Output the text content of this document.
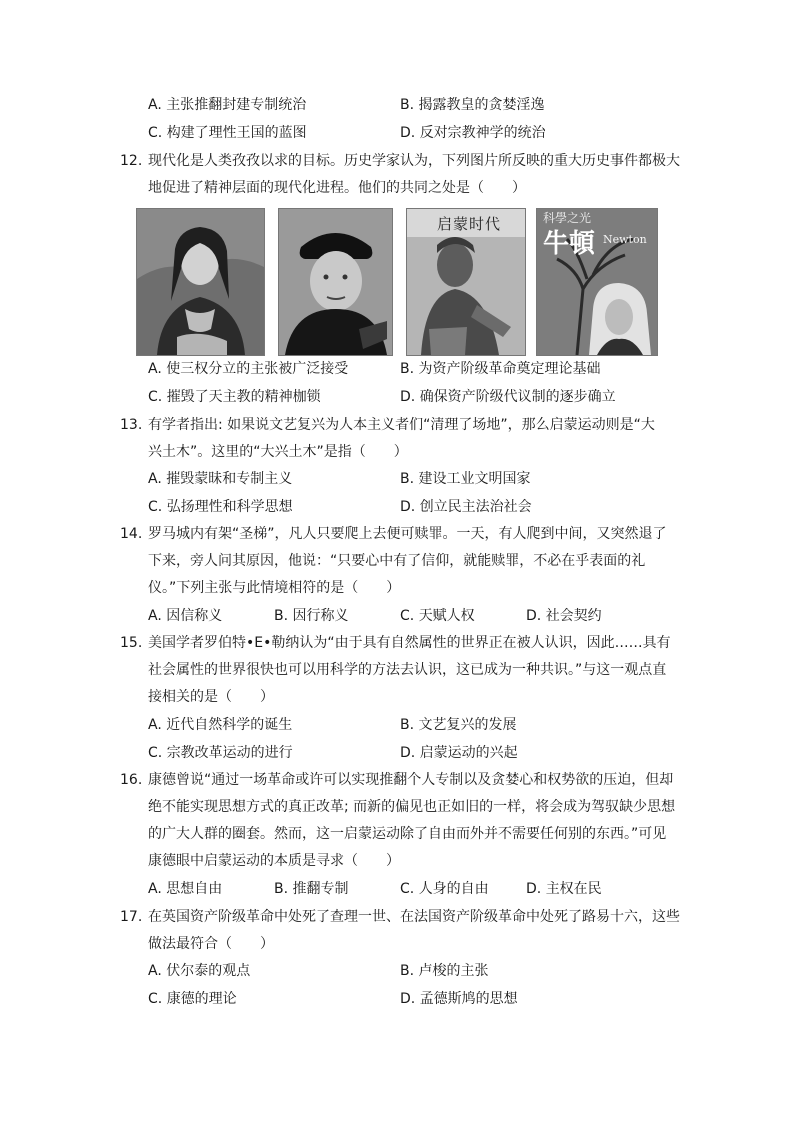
A. 主张推翻封建专制统治	B. 揭露教皇的贪婪淫逸
C. 构建了理性王国的蓝图	D. 反对宗教神学的统治
12. 现代化是人类孜孜以求的目标。历史学家认为，下列图片所反映的重大历史事件都极大
地促进了精神层面的现代化进程。他们的共同之处是（　　）
启蒙时代	科學之光
牛頓 Newton
A. 使三权分立的主张被广泛接受	B. 为资产阶级革命奠定理论基础
C. 摧毁了天主教的精神枷锁	D. 确保资产阶级代议制的逐步确立
13. 有学者指出: 如果说文艺复兴为人本主义者们“清理了场地”，那么启蒙运动则是“大
兴土木”。这里的“大兴土木”是指（　　）
A. 摧毁蒙昧和专制主义	B. 建设工业文明国家
C. 弘扬理性和科学思想	D. 创立民主法治社会
14. 罗马城内有架“圣梯”，凡人只要爬上去便可赎罪。一天，有人爬到中间，又突然退了
下来，旁人问其原因，他说：“只要心中有了信仰，就能赎罪，不必在乎表面的礼
仪。”下列主张与此情境相符的是（　　）
A. 因信称义	B. 因行称义	C. 天赋人权	D. 社会契约
15. 美国学者罗伯特•E•勒纳认为“由于具有自然属性的世界正在被人认识，因此……具有
社会属性的世界很快也可以用科学的方法去认识，这已成为一种共识。”与这一观点直
接相关的是（　　）
A. 近代自然科学的诞生	B. 文艺复兴的发展
C. 宗教改革运动的进行	D. 启蒙运动的兴起
16. 康德曾说“通过一场革命或许可以实现推翻个人专制以及贪婪心和权势欲的压迫，但却
绝不能实现思想方式的真正改革; 而新的偏见也正如旧的一样，将会成为驾驭缺少思想
的广大人群的圈套。然而，这一启蒙运动除了自由而外并不需要任何别的东西。”可见
康德眼中启蒙运动的本质是寻求（　　）
A. 思想自由	B. 推翻专制	C. 人身的自由	D. 主权在民
17. 在英国资产阶级革命中处死了查理一世、在法国资产阶级革命中处死了路易十六，这些
做法最符合（　　）
A. 伏尔泰的观点	B. 卢梭的主张
C. 康德的理论	D. 孟德斯鸠的思想
